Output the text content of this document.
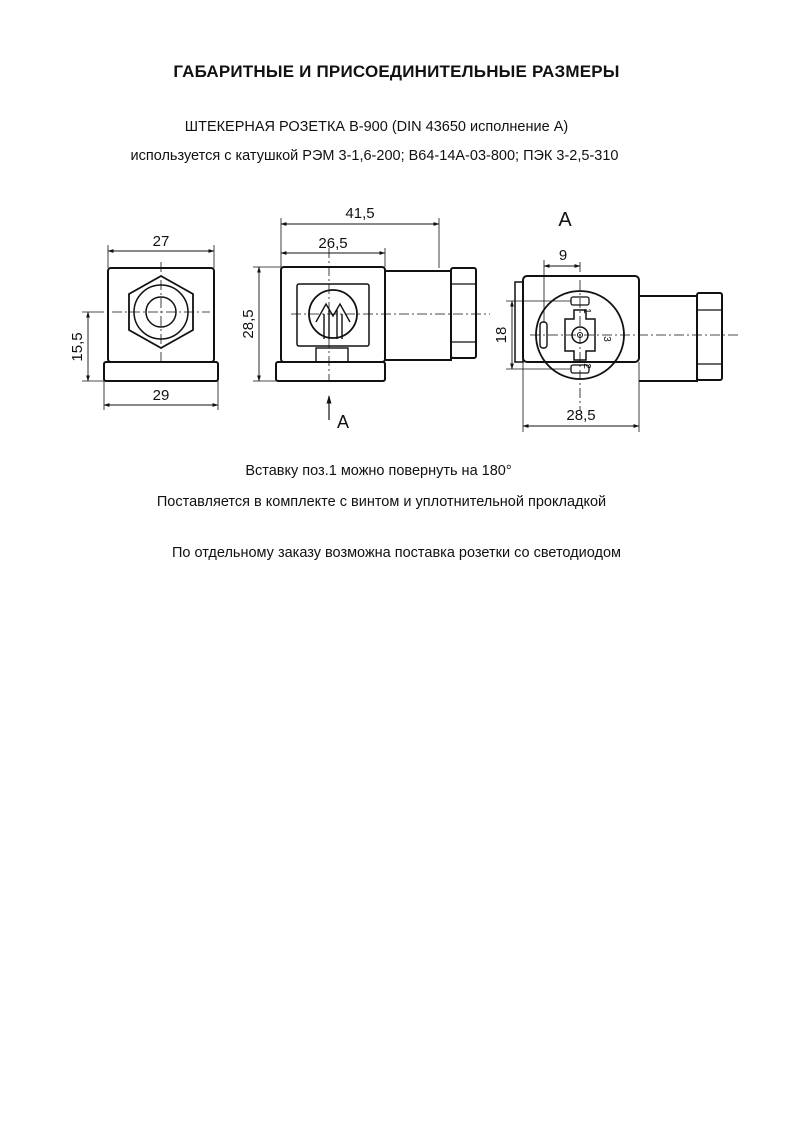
ГАБАРИТНЫЕ И ПРИСОЕДИНИТЕЛЬНЫЕ РАЗМЕРЫ
ШТЕКЕРНАЯ РОЗЕТКА В-900 (DIN 43650 исполнение А)
используется с катушкой РЭМ 3-1,6-200; В64-14А-03-800; ПЭК 3-2,5-310
27
29
15,5
41,5
26,5
28,5
A
A
9
18
28,5
1
2
3
Вставку поз.1 можно повернуть на 180°
Поставляется в комплекте с винтом и уплотнительной прокладкой
По отдельному заказу возможна поставка розетки со светодиодом
